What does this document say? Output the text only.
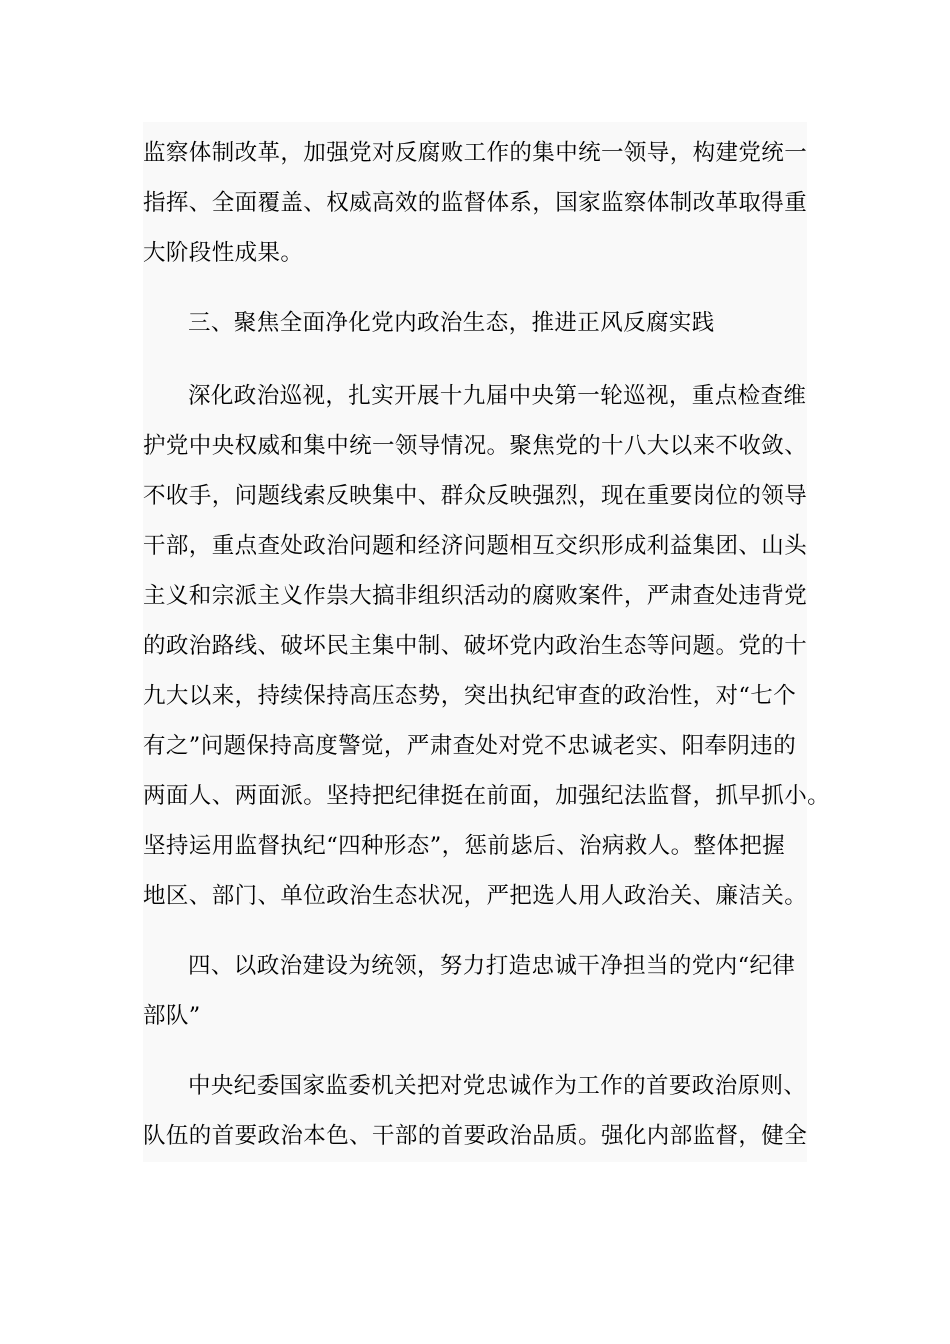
监察体制改革，加强党对反腐败工作的集中统一领导，构建党统一
指挥、全面覆盖、权威高效的监督体系，国家监察体制改革取得重
大阶段性成果。
三、聚焦全面净化党内政治生态，推进正风反腐实践
深化政治巡视，扎实开展十九届中央第一轮巡视，重点检查维
护党中央权威和集中统一领导情况。聚焦党的十八大以来不收敛、
不收手，问题线索反映集中、群众反映强烈，现在重要岗位的领导
干部，重点查处政治问题和经济问题相互交织形成利益集团、山头
主义和宗派主义作祟大搞非组织活动的腐败案件，严肃查处违背党
的政治路线、破坏民主集中制、破坏党内政治生态等问题。党的十
九大以来，持续保持高压态势，突出执纪审查的政治性，对“七个
有之”问题保持高度警觉，严肃查处对党不忠诚老实、阳奉阴违的
两面人、两面派。坚持把纪律挺在前面，加强纪法监督，抓早抓小。
坚持运用监督执纪“四种形态”，惩前毖后、治病救人。整体把握
地区、部门、单位政治生态状况，严把选人用人政治关、廉洁关。
四、以政治建设为统领，努力打造忠诚干净担当的党内“纪律
部队”
中央纪委国家监委机关把对党忠诚作为工作的首要政治原则、
队伍的首要政治本色、干部的首要政治品质。强化内部监督，健全
